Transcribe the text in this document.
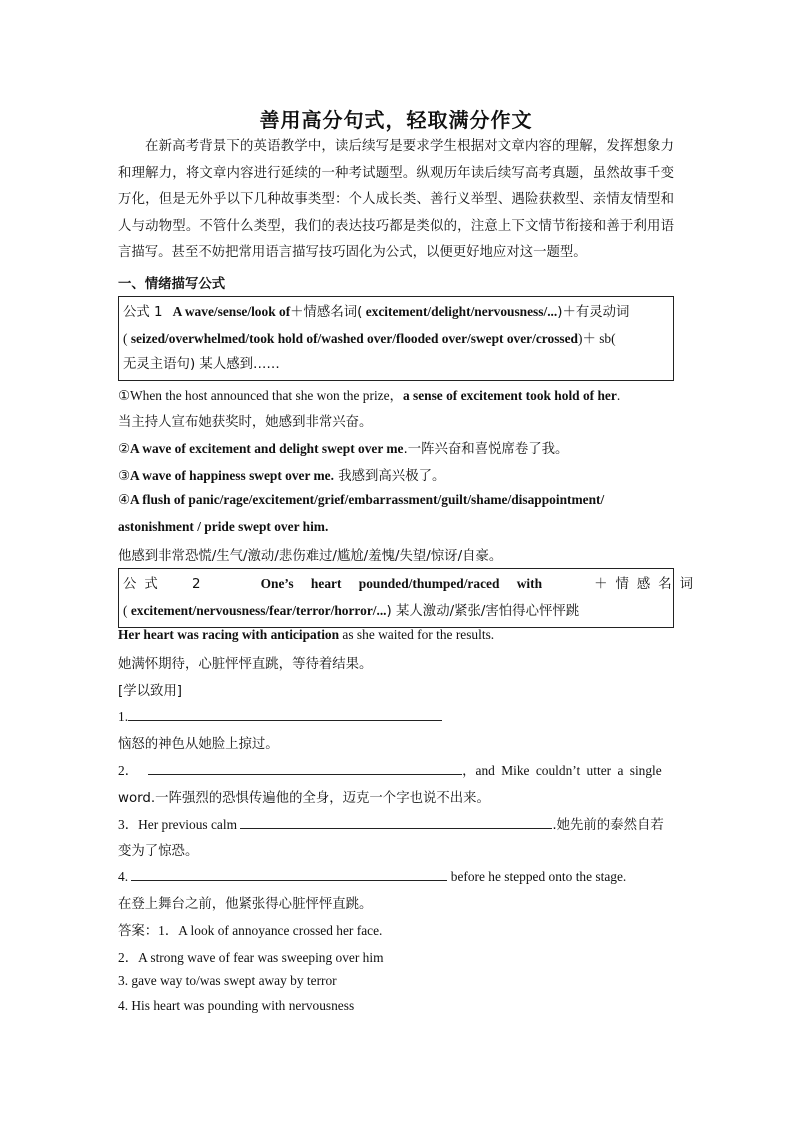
善用高分句式，轻取满分作文
在新高考背景下的英语教学中，读后续写是要求学生根据对文章内容的理解，发挥想象力和理解力，将文章内容进行延续的一种考试题型。纵观历年读后续写高考真题，虽然故事千变万化，但是无外乎以下几种故事类型：个人成长类、善行义举型、遇险获救型、亲情友情型和人与动物型。不管什么类型，我们的表达技巧都是类似的，注意上下文情节衔接和善于利用语言描写。甚至不妨把常用语言描写技巧固化为公式，以便更好地应对这一题型。
一、情绪描写公式
公式 1 A wave/sense/look of＋情感名词( excitement/delight/nervousness/...)＋有灵动词
( seized/overwhelmed/took hold of/washed over/flooded over/swept over/crossed)＋ sb(
无灵主语句) 某人感到……
①When the host announced that she won the prize，a sense of excitement took hold of her.
当主持人宣布她获奖时，她感到非常兴奋。
②A wave of excitement and delight swept over me.一阵兴奋和喜悦席卷了我。
③A wave of happiness swept over me. 我感到高兴极了。
④A flush of panic/rage/excitement/grief/embarrassment/guilt/shame/disappointment/
astonishment / pride swept over him.
他感到非常恐慌/生气/激动/悲伤难过/尴尬/羞愧/失望/惊讶/自豪。
公式 2	One’s heart pounded/thumped/raced with	＋情感名词
( excitement/nervousness/fear/terror/horror/...) 某人激动/紧张/害怕得心怦怦跳
Her heart was racing with anticipation as she waited for the results.
她满怀期待，心脏怦怦直跳，等待着结果。
[学以致用]
1.
恼怒的神色从她脸上掠过。
2．	，and Mike couldn’t utter a single
word.一阵强烈的恐惧传遍他的全身，迈克一个字也说不出来。
3．Her previous calm	.她先前的泰然自若
变为了惊恐。
4.	before he stepped onto the stage.
在登上舞台之前，他紧张得心脏怦怦直跳。
答案：1．A look of annoyance crossed her face.
2．A strong wave of fear was sweeping over him
3. gave way to/was swept away by terror
4. His heart was pounding with nervousness
